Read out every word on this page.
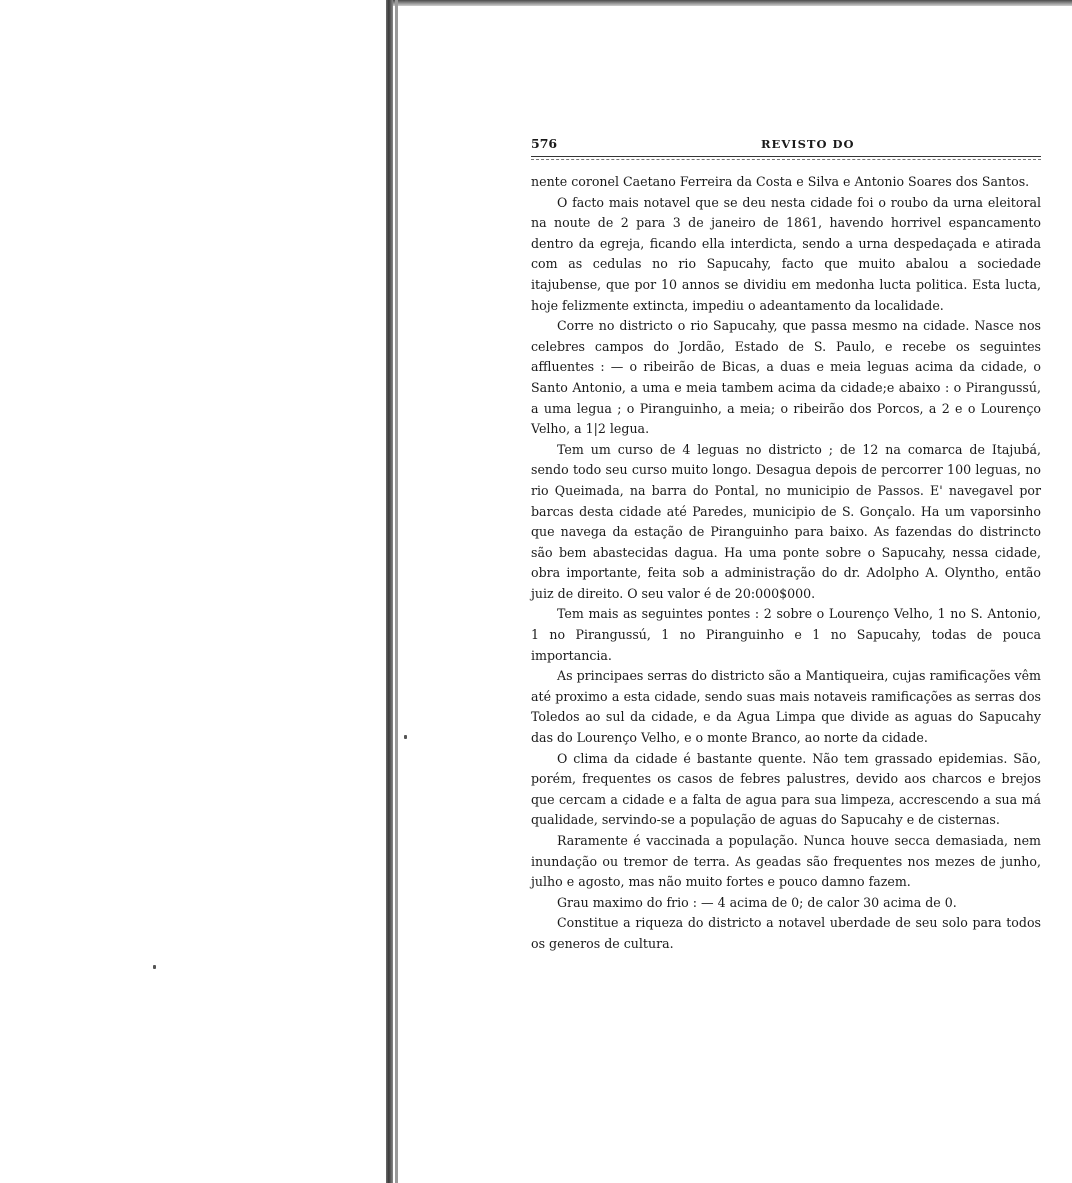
576	REVISTO DO

nente coronel Caetano Ferreira da Costa e Silva e Antonio Soares dos Santos.

O facto mais notavel que se deu nesta cidade foi o roubo da urna eleitoral na noute de 2 para 3 de janeiro de 1861, havendo horrivel espancamento dentro da egreja, ficando ella interdicta, sendo a urna despedaçada e atirada com as cedulas no rio Sapucahy, facto que muito abalou a sociedade itajubense, que por 10 annos se dividiu em medonha lucta politica. Esta lucta, hoje felizmente extincta, impediu o adeantamento da localidade.

Corre no districto o rio Sapucahy, que passa mesmo na cidade. Nasce nos celebres campos do Jordão, Estado de S. Paulo, e recebe os seguintes affluentes : — o ribeirão de Bicas, a duas e meia leguas acima da cidade, o Santo Antonio, a uma e meia tambem acima da cidade;e abaixo : o Pirangussú, a uma legua ; o Piranguinho, a meia; o ribeirão dos Porcos, a 2 e o Lourenço Velho, a 1|2 legua.

Tem um curso de 4 leguas no districto ; de 12 na comarca de Itajubá, sendo todo seu curso muito longo. Desagua depois de percorrer 100 leguas, no rio Queimada, na barra do Pontal, no municipio de Passos. E' navegavel por barcas desta cidade até Paredes, municipio de S. Gonçalo. Ha um vaporsinho que navega da estação de Piranguinho para baixo. As fazendas do distrincto são bem abastecidas dagua. Ha uma ponte sobre o Sapucahy, nessa cidade, obra importante, feita sob a administração do dr. Adolpho A. Olyntho, então juiz de direito. O seu valor é de 20:000$000.

Tem mais as seguintes pontes : 2 sobre o Lourenço Velho, 1 no S. Antonio, 1 no Pirangussú, 1 no Piranguinho e 1 no Sapucahy, todas de pouca importancia.

As principaes serras do districto são a Mantiqueira, cujas ramificações vêm até proximo a esta cidade, sendo suas mais notaveis ramificações as serras dos Toledos ao sul da cidade, e da Agua Limpa que divide as aguas do Sapucahy das do Lourenço Velho, e o monte Branco, ao norte da cidade.

O clima da cidade é bastante quente. Não tem grassado epidemias. São, porém, frequentes os casos de febres palustres, devido aos charcos e brejos que cercam a cidade e a falta de agua para sua limpeza, accrescendo a sua má qualidade, servindo-se a população de aguas do Sapucahy e de cisternas.

Raramente é vaccinada a população. Nunca houve secca demasiada, nem inundação ou tremor de terra. As geadas são frequentes nos mezes de junho, julho e agosto, mas não muito fortes e pouco damno fazem.

Grau maximo do frio : — 4 acima de 0; de calor 30 acima de 0.

Constitue a riqueza do districto a notavel uberdade de seu solo para todos os generos de cultura.
